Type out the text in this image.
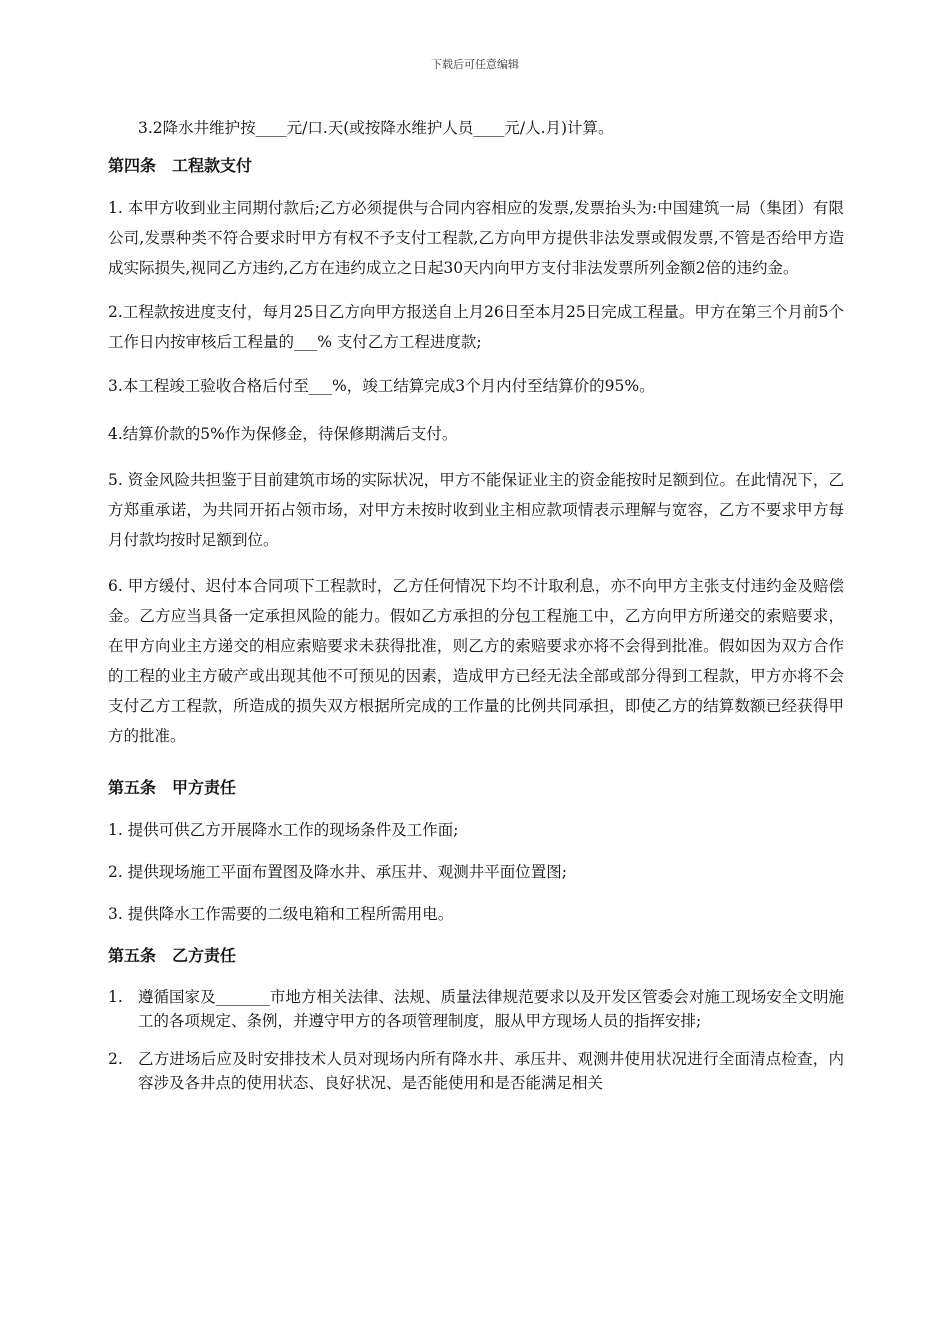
下载后可任意编辑

3.2降水井维护按____元/口.天(或按降水维护人员____元/人.月)计算。

第四条　工程款支付

1. 本甲方收到业主同期付款后;乙方必须提供与合同内容相应的发票,发票抬头为:中国建筑一局（集团）有限公司,发票种类不符合要求时甲方有权不予支付工程款,乙方向甲方提供非法发票或假发票,不管是否给甲方造成实际损失,视同乙方违约,乙方在违约成立之日起30天内向甲方支付非法发票所列金额2倍的违约金。

2.工程款按进度支付，每月25日乙方向甲方报送自上月26日至本月25日完成工程量。甲方在第三个月前5个工作日内按审核后工程量的___% 支付乙方工程进度款;

3.本工程竣工验收合格后付至___%，竣工结算完成3个月内付至结算价的95%。

4.结算价款的5%作为保修金，待保修期满后支付。

5. 资金风险共担鉴于目前建筑市场的实际状况，甲方不能保证业主的资金能按时足额到位。在此情况下，乙方郑重承诺，为共同开拓占领市场，对甲方未按时收到业主相应款项情表示理解与宽容，乙方不要求甲方每月付款均按时足额到位。

6. 甲方缓付、迟付本合同项下工程款时，乙方任何情况下均不计取利息，亦不向甲方主张支付违约金及赔偿金。乙方应当具备一定承担风险的能力。假如乙方承担的分包工程施工中，乙方向甲方所递交的索赔要求，在甲方向业主方递交的相应索赔要求未获得批准，则乙方的索赔要求亦将不会得到批准。假如因为双方合作的工程的业主方破产或出现其他不可预见的因素，造成甲方已经无法全部或部分得到工程款，甲方亦将不会支付乙方工程款，所造成的损失双方根据所完成的工作量的比例共同承担，即使乙方的结算数额已经获得甲方的批准。

第五条　甲方责任

1. 提供可供乙方开展降水工作的现场条件及工作面;

2. 提供现场施工平面布置图及降水井、承压井、观测井平面位置图;

3. 提供降水工作需要的二级电箱和工程所需用电。

第五条　乙方责任

1. 遵循国家及_______市地方相关法律、法规、质量法律规范要求以及开发区管委会对施工现场安全文明施工的各项规定、条例，并遵守甲方的各项管理制度，服从甲方现场人员的指挥安排;
2. 乙方进场后应及时安排技术人员对现场内所有降水井、承压井、观测井使用状况进行全面清点检查，内容涉及各井点的使用状态、良好状况、是否能使用和是否能满足相关
